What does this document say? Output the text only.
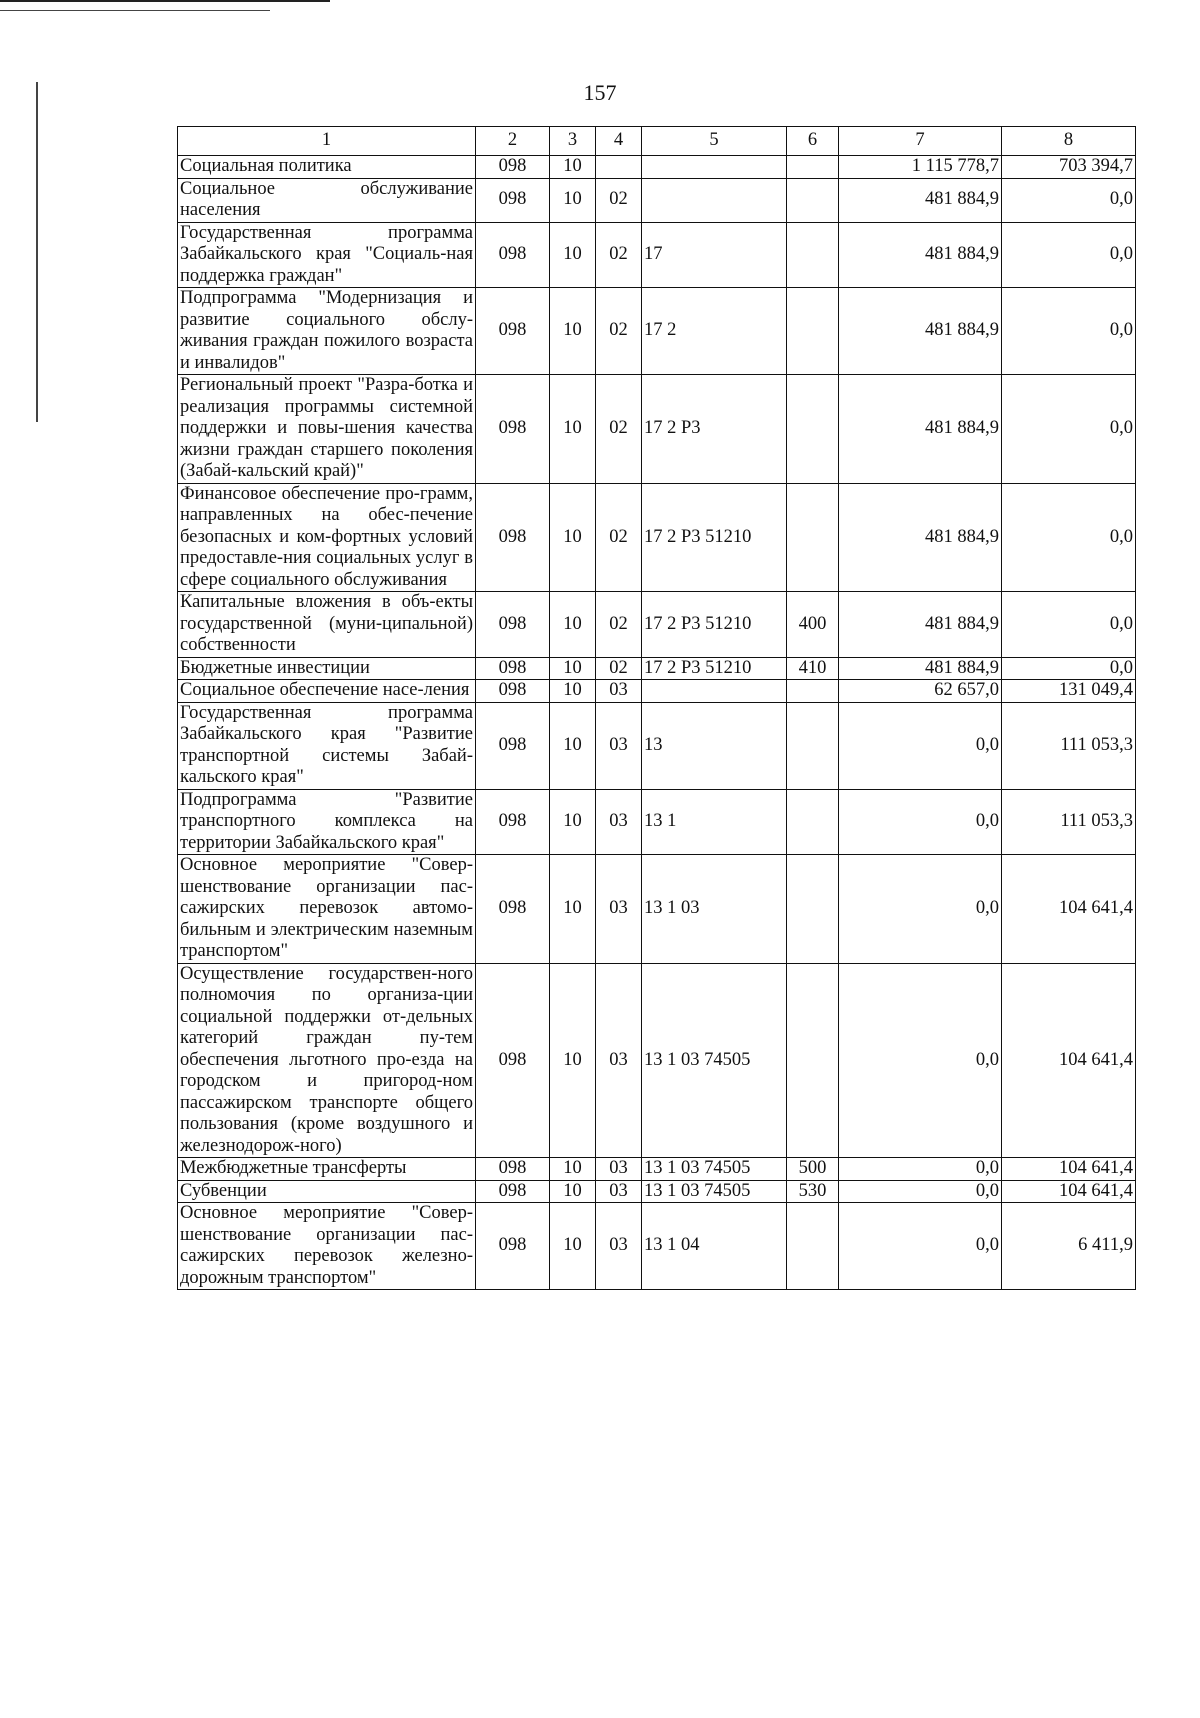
157
1	2	3	4	5	6	7	8
Социальная политика	098	10				1 115 778,7	703 394,7
Социальное обслуживание населения	098	10	02			481 884,9	0,0
Государственная программа Забайкальского края "Социаль-ная поддержка граждан"	098	10	02	17		481 884,9	0,0
Подпрограмма "Модернизация и развитие социального обслу-живания граждан пожилого возраста и инвалидов"	098	10	02	17 2		481 884,9	0,0
Региональный проект "Разра-ботка и реализация программы системной поддержки и повы-шения качества жизни граждан старшего поколения (Забай-кальский край)"	098	10	02	17 2 P3		481 884,9	0,0
Финансовое обеспечение про-грамм, направленных на обес-печение безопасных и ком-фортных условий предоставле-ния социальных услуг в сфере социального обслуживания	098	10	02	17 2 P3 51210		481 884,9	0,0
Капитальные вложения в объ-екты государственной (муни-ципальной) собственности	098	10	02	17 2 P3 51210	400	481 884,9	0,0
Бюджетные инвестиции	098	10	02	17 2 P3 51210	410	481 884,9	0,0
Социальное обеспечение насе-ления	098	10	03			62 657,0	131 049,4
Государственная программа Забайкальского края "Развитие транспортной системы Забай-кальского края"	098	10	03	13		0,0	111 053,3
Подпрограмма "Развитие транспортного комплекса на территории Забайкальского края"	098	10	03	13 1		0,0	111 053,3
Основное мероприятие "Совер-шенствование организации пас-сажирских перевозок автомо-бильным и электрическим наземным транспортом"	098	10	03	13 1 03		0,0	104 641,4
Осуществление государствен-ного полномочия по организа-ции социальной поддержки от-дельных категорий граждан пу-тем обеспечения льготного про-езда на городском и пригород-ном пассажирском транспорте общего пользования (кроме воздушного и железнодорож-ного)	098	10	03	13 1 03 74505		0,0	104 641,4
Межбюджетные трансферты	098	10	03	13 1 03 74505	500	0,0	104 641,4
Субвенции	098	10	03	13 1 03 74505	530	0,0	104 641,4
Основное мероприятие "Совер-шенствование организации пас-сажирских перевозок железно-дорожным транспортом"	098	10	03	13 1 04		0,0	6 411,9
